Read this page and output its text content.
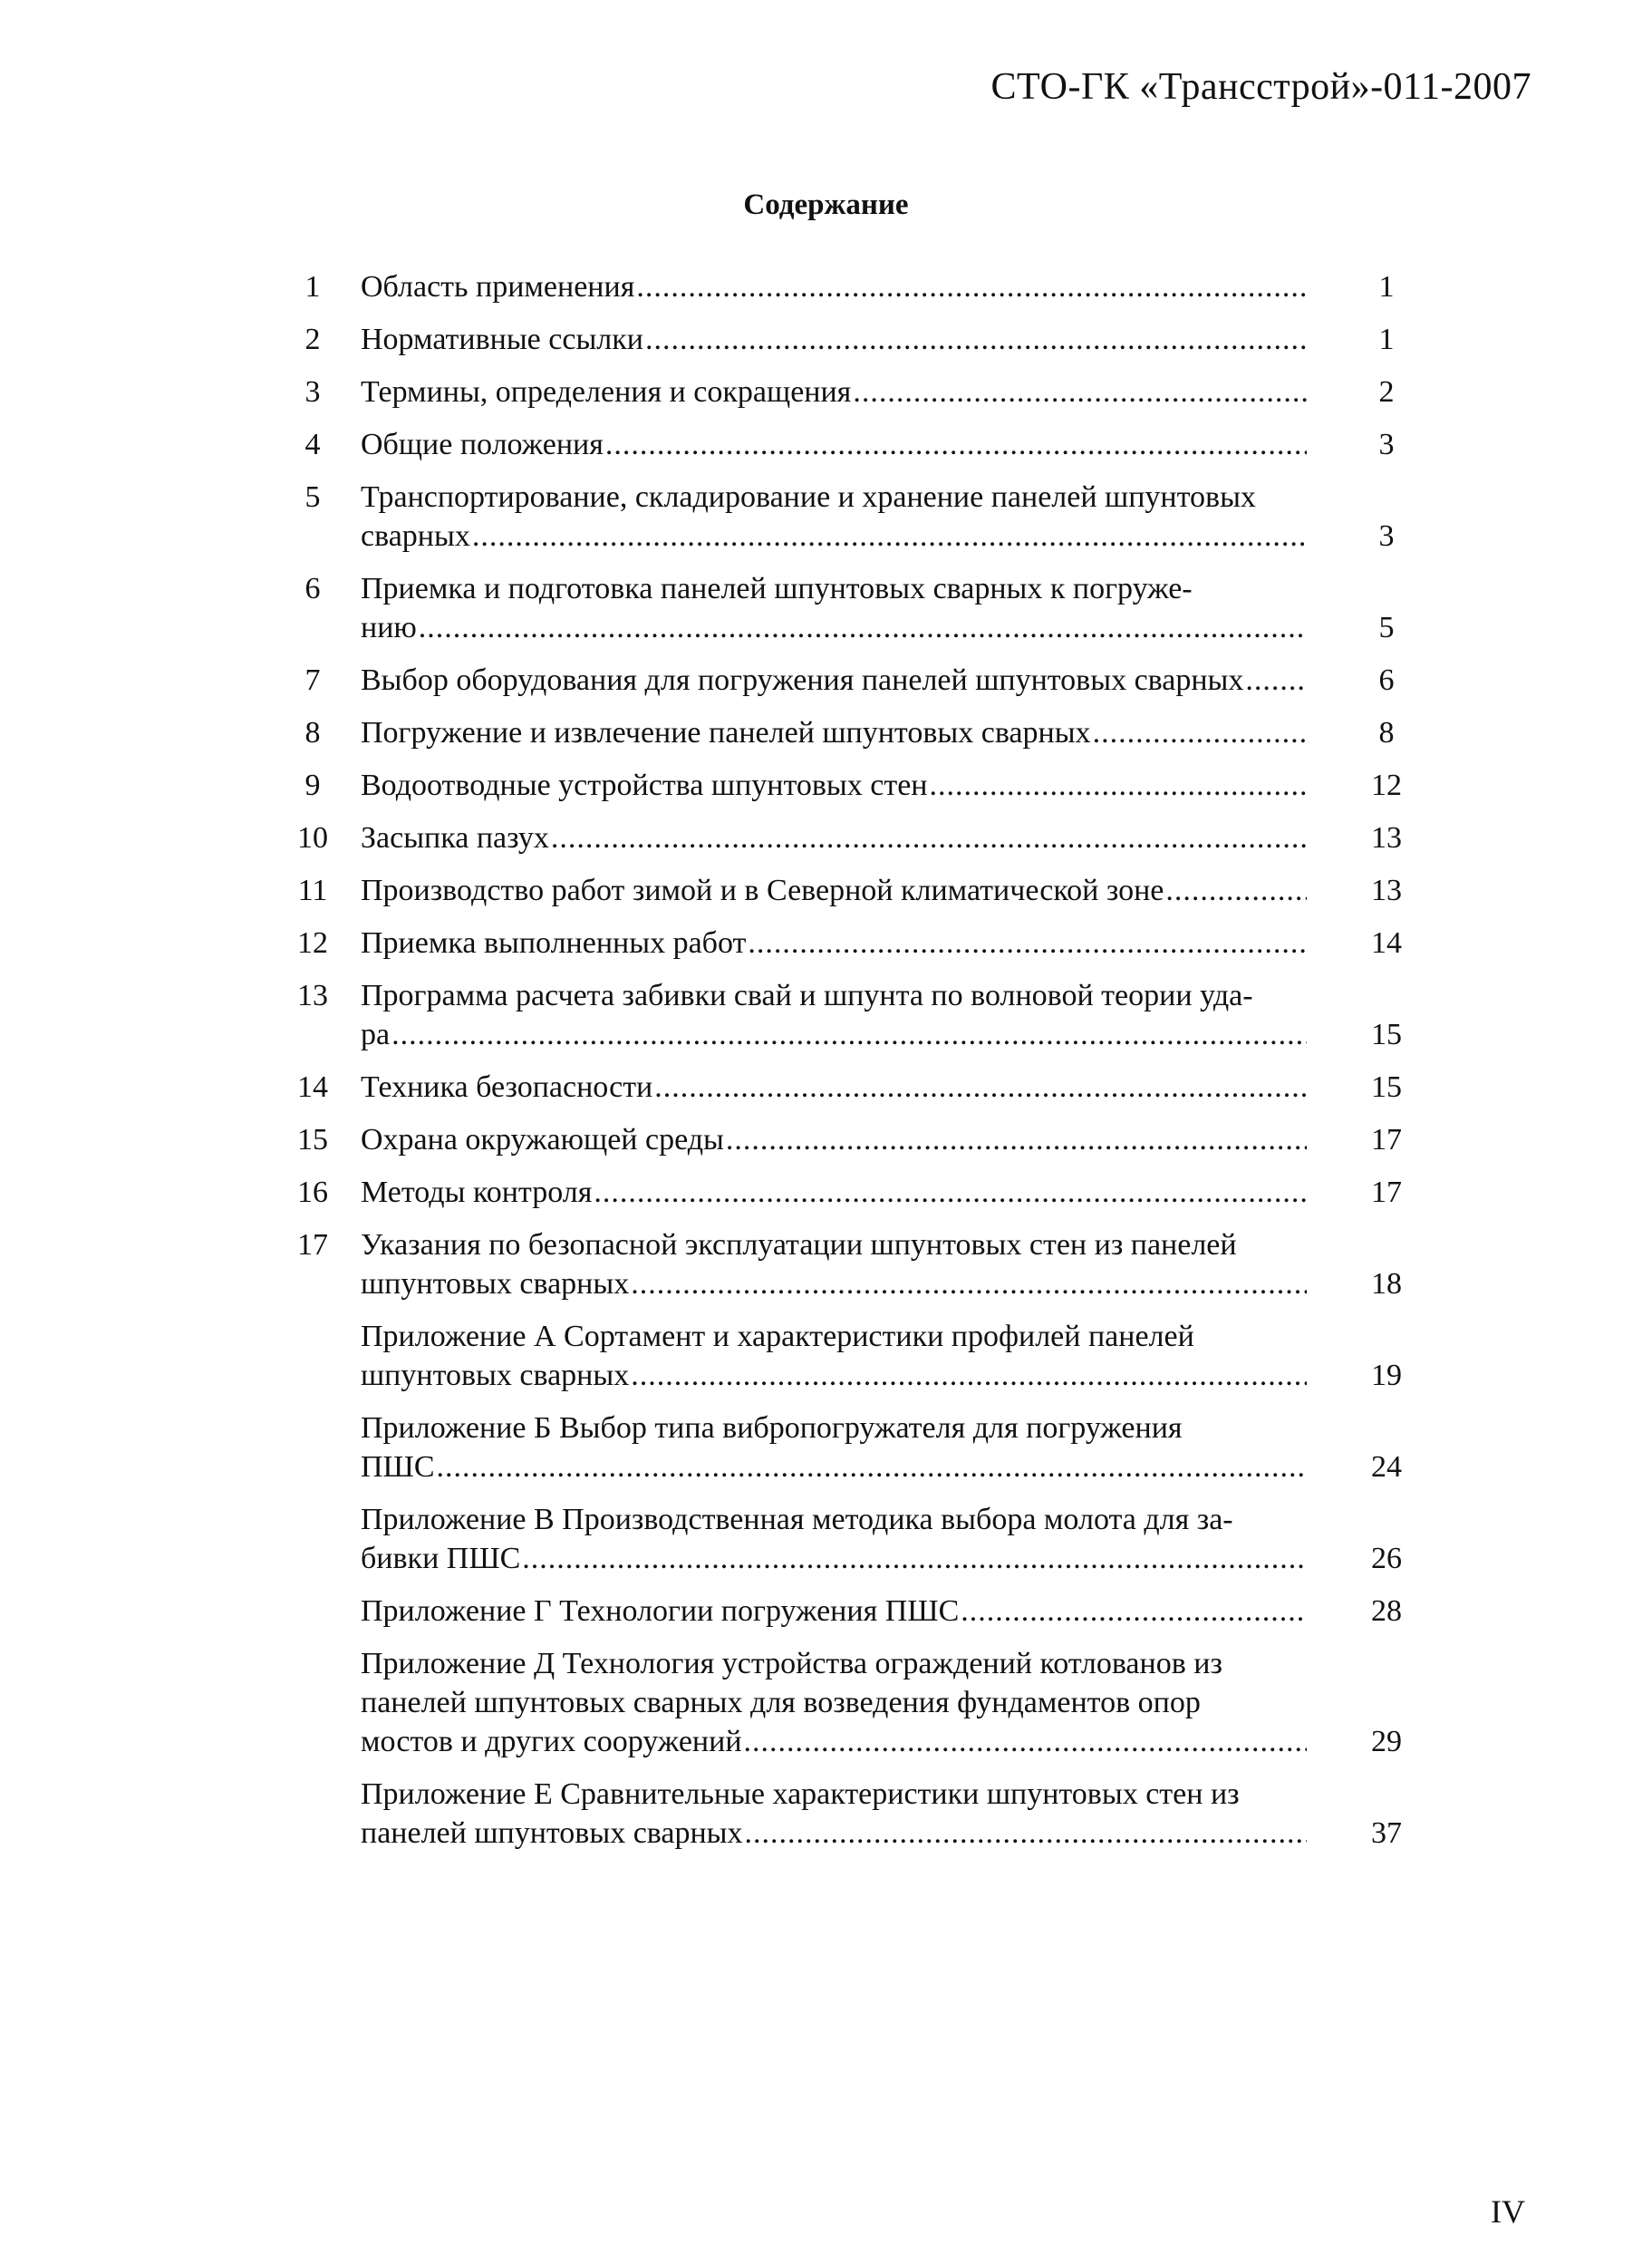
СТО-ГК «Трансстрой»-011-2007
Содержание
1	Область применения .....	1
2	Нормативные ссылки .....	1
3	Термины, определения и сокращения .....	2
4	Общие положения .....	3
5	Транспортирование, складирование и хранение панелей шпунтовых
сварных .....	3
6	Приемка и подготовка панелей шпунтовых сварных к погруже-
нию .....	5
7	Выбор оборудования для погружения панелей шпунтовых сварных .....	6
8	Погружение и извлечение панелей шпунтовых сварных .....	8
9	Водоотводные устройства шпунтовых стен .....	12
10 Засыпка пазух .....	13
11 Производство работ зимой и в Северной климатической зоне .....	13
12 Приемка выполненных работ .....	14
13 Программа расчета забивки свай и шпунта по волновой теории уда-
ра .....	15
14 Техника безопасности .....	15
15 Охрана окружающей среды .....	17
16 Методы контроля .....	17
17 Указания по безопасной эксплуатации шпунтовых стен из панелей
шпунтовых сварных .....	18
Приложение А Сортамент и характеристики профилей панелей
шпунтовых сварных .....	19
Приложение Б Выбор типа вибропогружателя для погружения
ПШС .....	24
Приложение В Производственная методика выбора молота для за-
бивки ПШС .....	26
Приложение Г Технологии погружения ПШС .....	28
Приложение Д Технология устройства ограждений котлованов из
панелей шпунтовых сварных для возведения фундаментов опор
мостов и других сооружений .....	29
Приложение Е Сравнительные характеристики шпунтовых стен из
панелей шпунтовых сварных .....	37
IV
